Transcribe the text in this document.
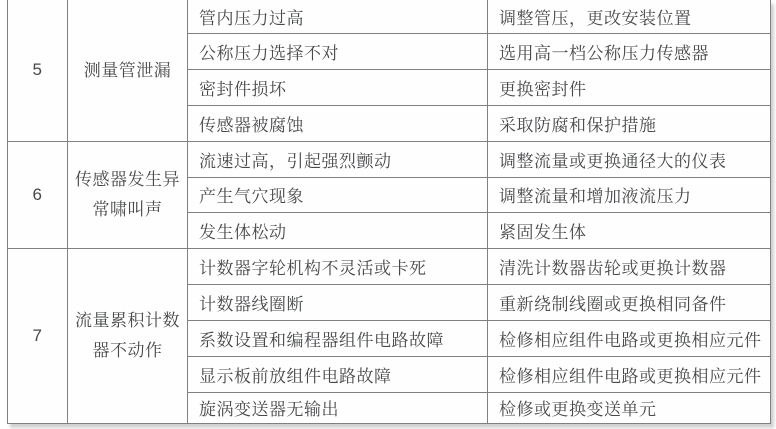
5	测量管泄漏	管内压力过高	调整管压，更改安装位置
		公称压力选择不对	选用高一档公称压力传感器
		密封件损坏	更换密封件
		传感器被腐蚀	采取防腐和保护措施
6	传感器发生异常啸叫声	流速过高，引起强烈颤动	调整流量或更换通径大的仪表
		产生气穴现象	调整流量和增加液流压力
		发生体松动	紧固发生体
7	流量累积计数器不动作	计数器字轮机构不灵活或卡死	清洗计数器齿轮或更换计数器
		计数器线圈断	重新绕制线圈或更换相同备件
		系数设置和编程器组件电路故障	检修相应组件电路或更换相应元件
		显示板前放组件电路故障	检修相应组件电路或更换相应元件
		旋涡变送器无输出	检修或更换变送单元
